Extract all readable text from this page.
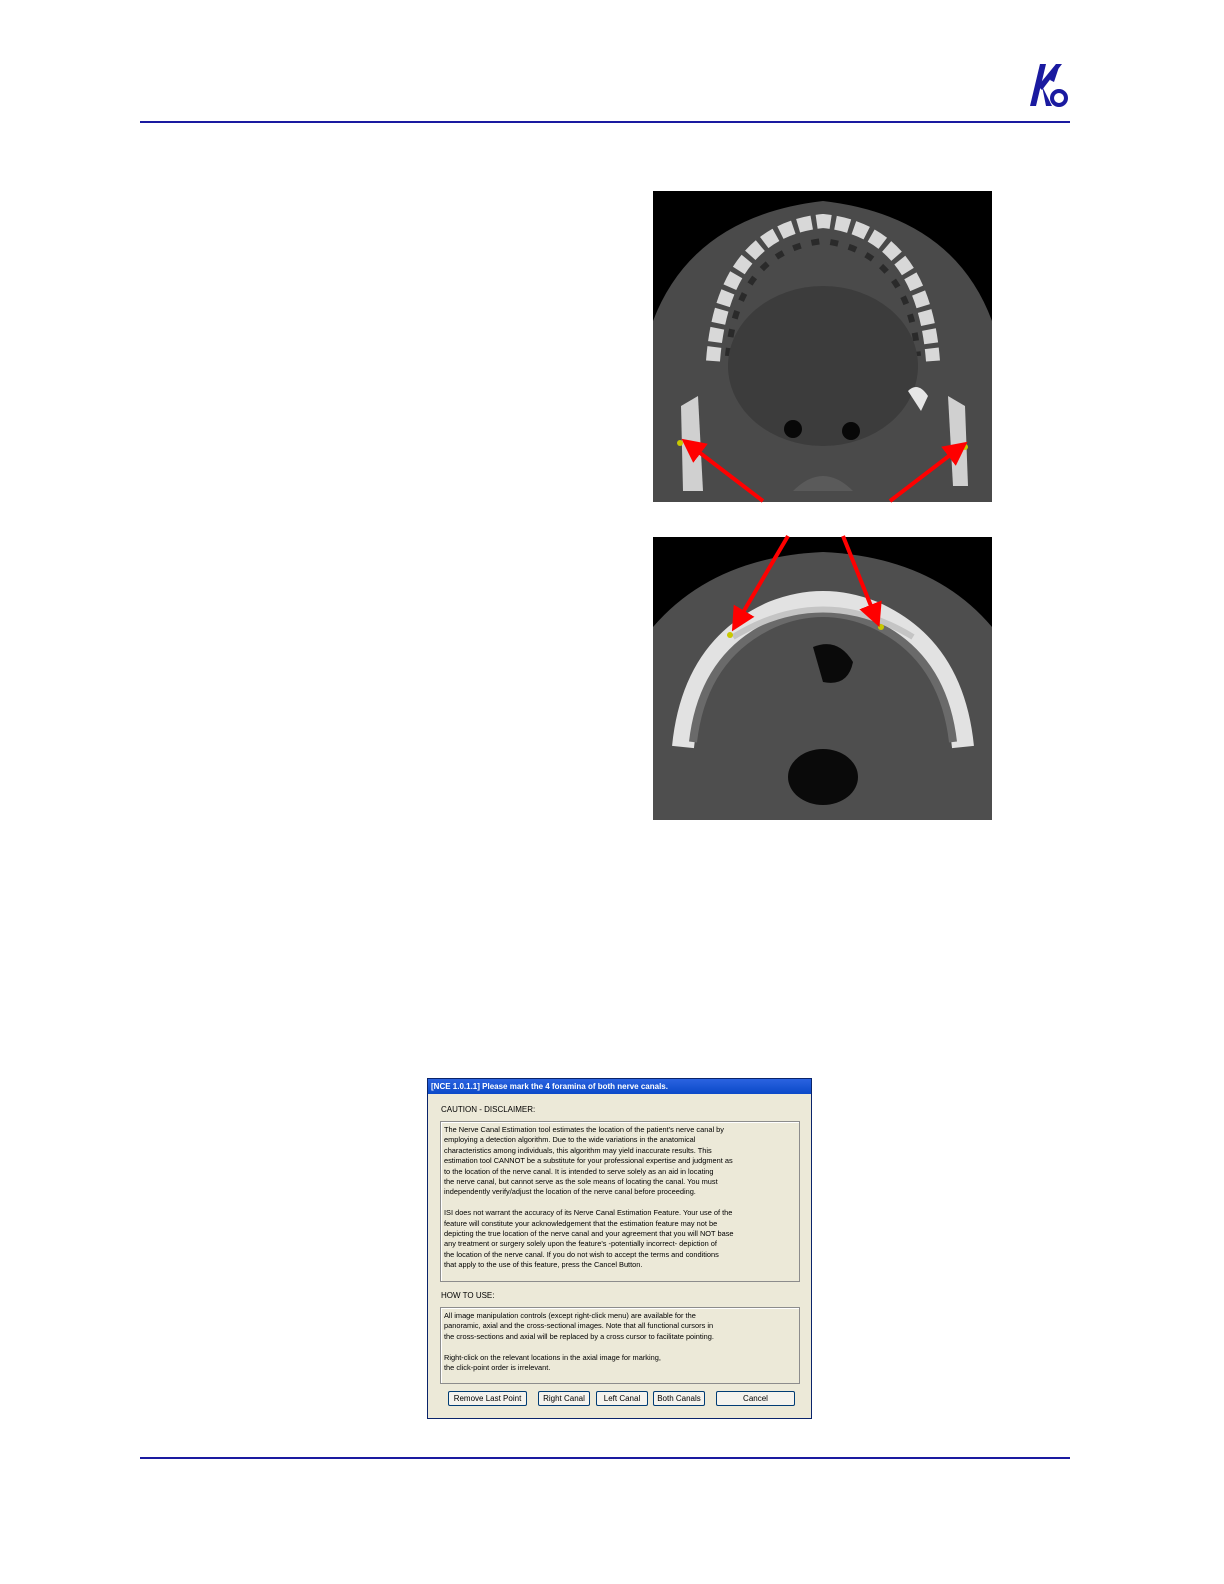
[NCE 1.0.1.1] Please mark the 4 foramina of both nerve canals.
CAUTION - DISCLAIMER:
The Nerve Canal Estimation tool estimates the location of the patient's nerve canal by
employing a detection algorithm. Due to the wide variations in the anatomical
characteristics among individuals, this algorithm may yield inaccurate results. This
estimation tool CANNOT be a substitute for your professional expertise and judgment as
to the location of the nerve canal. It is intended to serve solely as an aid in locating
the nerve canal, but cannot serve as the sole means of locating the canal. You must
independently verify/adjust the location of the nerve canal before proceeding.

ISI does not warrant the accuracy of its Nerve Canal Estimation Feature. Your use of the
feature will constitute your acknowledgement that the estimation feature may not be
depicting the true location of the nerve canal and your agreement that you will NOT base
any treatment or surgery solely upon the feature's -potentially incorrect- depiction of
the location of the nerve canal. If you do not wish to accept the terms and conditions
that apply to the use of this feature, press the Cancel Button.
HOW TO USE:
All image manipulation controls (except right-click menu) are available for the
panoramic, axial and the cross-sectional images. Note that all functional cursors in
the cross-sections and axial will be replaced by a cross cursor to facilitate pointing.

Right-click on the relevant locations in the axial image for marking,
the click-point order is irrelevant.
Remove Last Point	Right Canal	Left Canal	Both Canals	Cancel
